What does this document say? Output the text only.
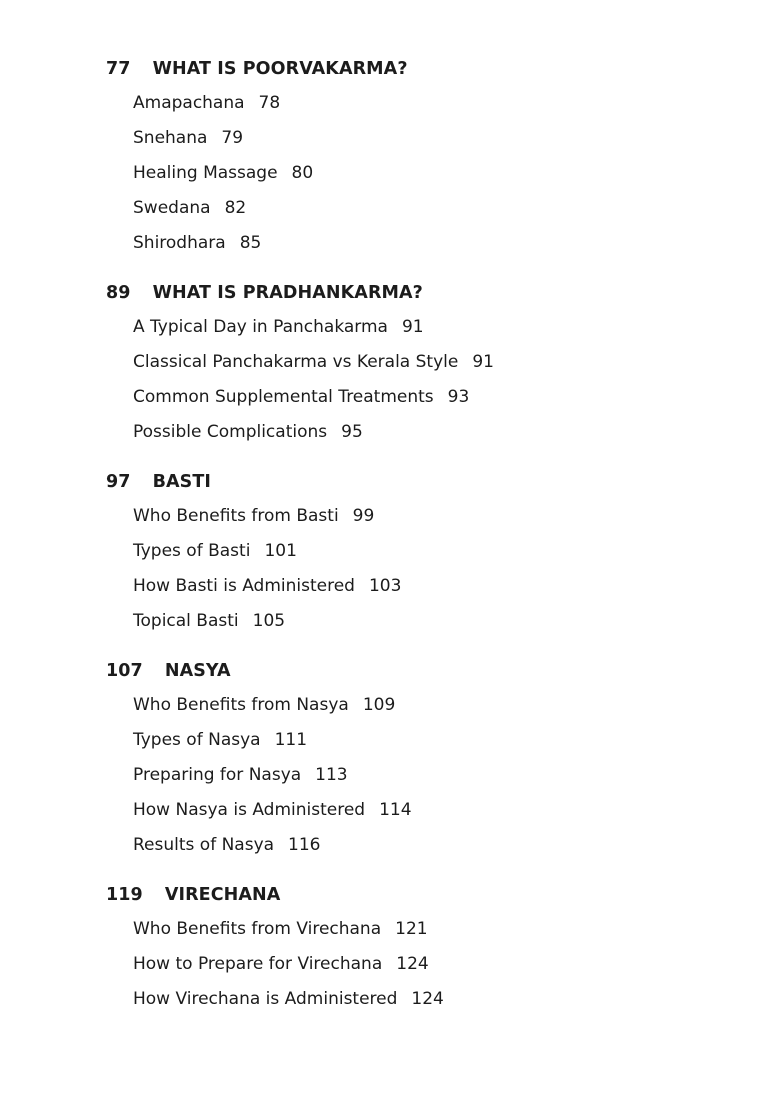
77 WHAT IS POORVAKARMA?
Amapachana 78
Snehana 79
Healing Massage 80
Swedana 82
Shirodhara 85
89 WHAT IS PRADHANKARMA?
A Typical Day in Panchakarma 91
Classical Panchakarma vs Kerala Style 91
Common Supplemental Treatments 93
Possible Complications 95
97 BASTI
Who Benefits from Basti 99
Types of Basti 101
How Basti is Administered 103
Topical Basti 105
107 NASYA
Who Benefits from Nasya 109
Types of Nasya 111
Preparing for Nasya 113
How Nasya is Administered 114
Results of Nasya 116
119 VIRECHANA
Who Benefits from Virechana 121
How to Prepare for Virechana 124
How Virechana is Administered 124
